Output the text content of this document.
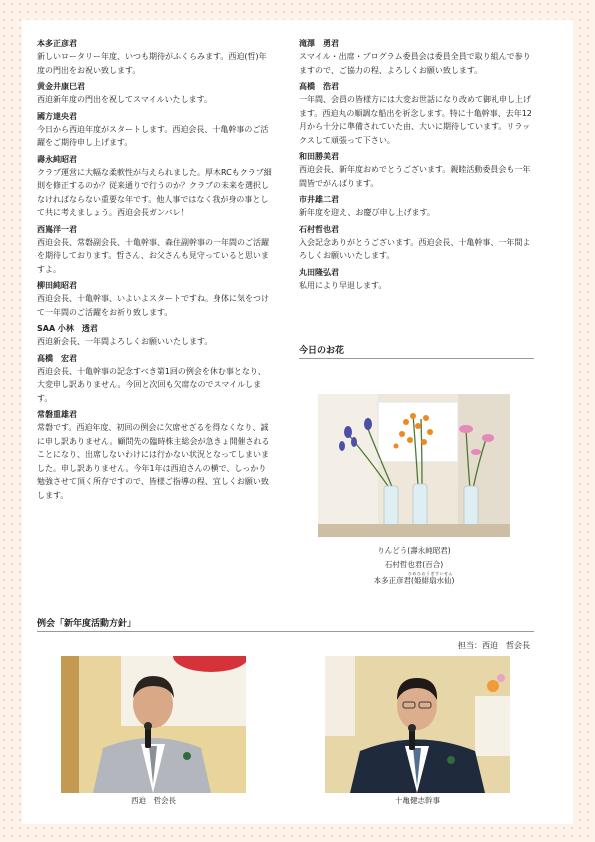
本多正彦君

新しいロータリー年度、いつも期待がふくらみます。西迫(哲)年度の門出をお祝い致します。

黄金井康巳君

西迫新年度の門出を祝してスマイルいたします。

國方達央君

今日から西迫年度がスタートします。西迫会長、十亀幹事のご活躍をご期待申し上げます。

壽永純昭君

クラブ運営に大幅な柔軟性が与えられました。厚木RCもクラブ細則を修正するのか？従来通りで行うのか？クラブの未来を選択しなければならない重要な年です。他人事ではなく我が身の事として共に考えましょう。西迫会長ガンバレ！

西嶌洋一君

西迫会長、常磐副会長、十亀幹事、森住副幹事の一年間のご活躍を期待しております。哲さん、お父さんも見守っていると思いますよ。

柳田純昭君

西迫会長、十亀幹事、いよいよスタートですね。身体に気をつけて一年間のご活躍をお祈り致します。

SAA 小林　透君

西迫新会長、一年間よろしくお願いいたします。

高橋　宏君

西迫会長、十亀幹事の記念すべき第1回の例会を休む事となり、大変申し訳ありません。今回と次回も欠席なのでスマイルします。

常磐重雄君

常磐です。西迫年度、初回の例会に欠席せざるを得なくなり、誠に申し訳ありません。顧問先の臨時株主総会が急きょ開催されることになり、出席しないわけには行かない状況となってしまいました。申し訳ありません。今年1年は西迫さんの横で、しっかり勉強させて頂く所存ですので、皆様ご指導の程、宜しくお願い致します。

滝澤　勇君

スマイル・出席・プログラム委員会は委員全員で取り組んで参りますので、ご協力の程、よろしくお願い致します。

高橋　浩君

一年間、会員の皆様方には大変お世話になり改めて御礼申し上げます。西迫丸の順調な船出を祈念します。特に十亀幹事、去年12月から十分に準備されていた由、大いに期待しています。リラックスして頑張って下さい。

和田勝美君

西迫会長、新年度おめでとうございます。親睦活動委員会も一年間皆でがんばります。

市井雄二君

新年度を迎え、お慶び申し上げます。

石村哲也君

入会記念ありがとうございます。西迫会長、十亀幹事、一年間よろしくお願いいたします。

丸田隆弘君

私用により早退します。

今日のお花
りんどう(壽永純昭君)
石村哲也君(百合)
ひめひおうぎすいせん
本多正彦君(姫緋扇水仙)
例会「新年度活動方針」
担当：西迫　哲会長
西迫　哲会長	十亀健志幹事
